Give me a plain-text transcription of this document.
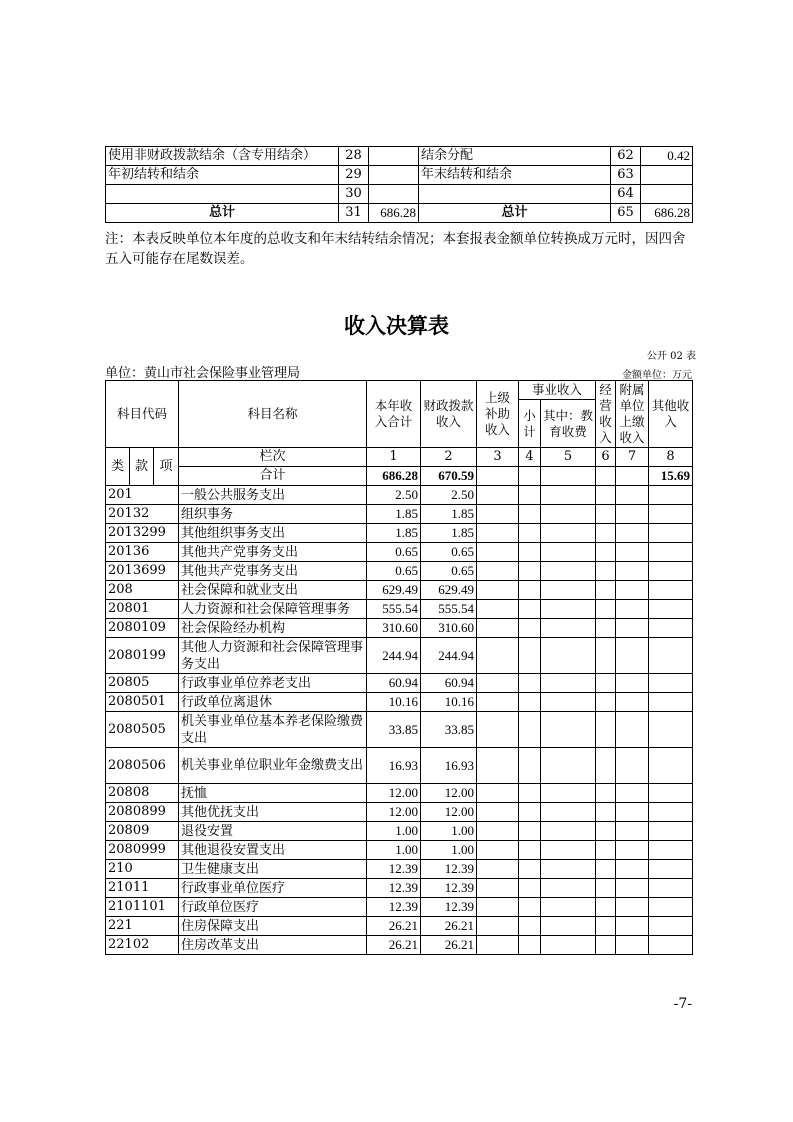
使用非财政拨款结余（含专用结余）	28		结余分配	62	0.42
年初结转和结余	29		年末结转和结余	63	
	30			64	
总计	31	686.28	总计	65	686.28
注：本表反映单位本年度的总收支和年末结转结余情况；本套报表金额单位转换成万元时，因四舍五入可能存在尾数误差。
收入决算表
公开 02 表
单位：黄山市社会保险事业管理局	金额单位：万元
科目代码			科目名称	本年收入合计	财政拨款收入	上级补助收入	事业收入		经营收入	附属单位上缴收入	其他收入
							小计	其中：教育收费			

类	款	项	栏次	1	2	3	4	5	6	7	8
			合计	686.28	670.59						15.69
201			一般公共服务支出	2.50	2.50						
20132			组织事务	1.85	1.85						
2013299			其他组织事务支出	1.85	1.85						
20136			其他共产党事务支出	0.65	0.65						
2013699			其他共产党事务支出	0.65	0.65						
208			社会保障和就业支出	629.49	629.49						
20801			人力资源和社会保障管理事务	555.54	555.54						
2080109			社会保险经办机构	310.60	310.60						
2080199			其他人力资源和社会保障管理事务支出	244.94	244.94						
20805			行政事业单位养老支出	60.94	60.94						
2080501			行政单位离退休	10.16	10.16						
2080505			机关事业单位基本养老保险缴费支出	33.85	33.85						
2080506			机关事业单位职业年金缴费支出	16.93	16.93						
20808			抚恤	12.00	12.00						
2080899			其他优抚支出	12.00	12.00						
20809			退役安置	1.00	1.00						
2080999			其他退役安置支出	1.00	1.00						
210			卫生健康支出	12.39	12.39						
21011			行政事业单位医疗	12.39	12.39						
2101101			行政单位医疗	12.39	12.39						
221			住房保障支出	26.21	26.21						
22102			住房改革支出	26.21	26.21						
-7-
